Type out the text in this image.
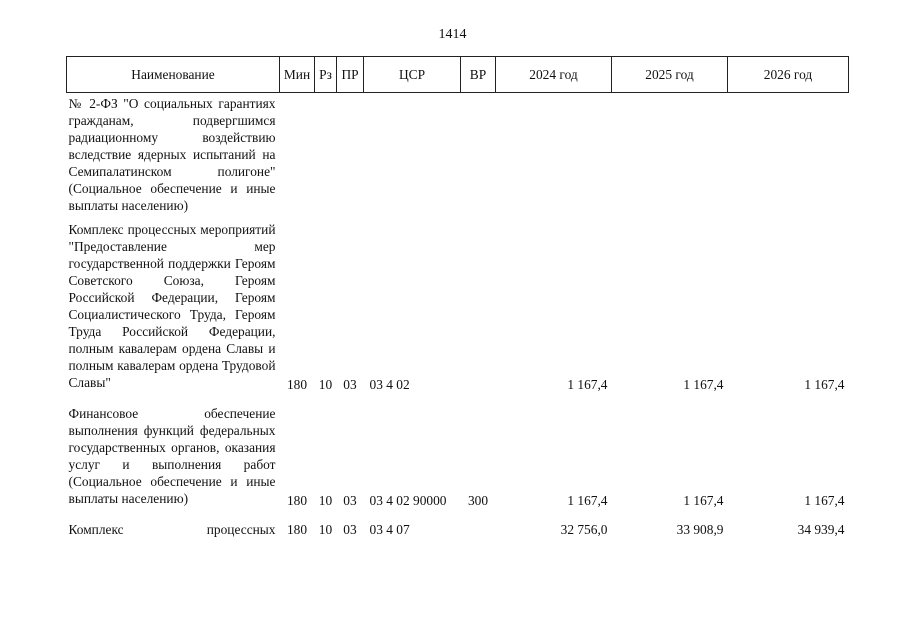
1414
Наименование	Мин	Рз	ПР	ЦСР	ВР	2024 год	2025 год	2026 год
№ 2-ФЗ "О социальных гарантиях гражданам, подвергшимся радиационному воздействию вследствие ядерных испытаний на Семипалатинском полигоне" (Социальное обеспечение и иные выплаты населению)								
Комплекс процессных мероприятий "Предоставление мер государственной поддержки Героям Советского Союза, Героям Российской Федерации, Героям Социалистического Труда, Героям Труда Российской Федерации, полным кавалерам ордена Славы и полным кавалерам ордена Трудовой Славы"	180	10	03	03 4 02		1 167,4	1 167,4	1 167,4
Финансовое обеспечение выполнения функций федеральных государственных органов, оказания услуг и выполнения работ (Социальное обеспечение и иные выплаты населению)	180	10	03	03 4 02 90000	300	1 167,4	1 167,4	1 167,4
Комплекс процессных	180	10	03	03 4 07		32 756,0	33 908,9	34 939,4
